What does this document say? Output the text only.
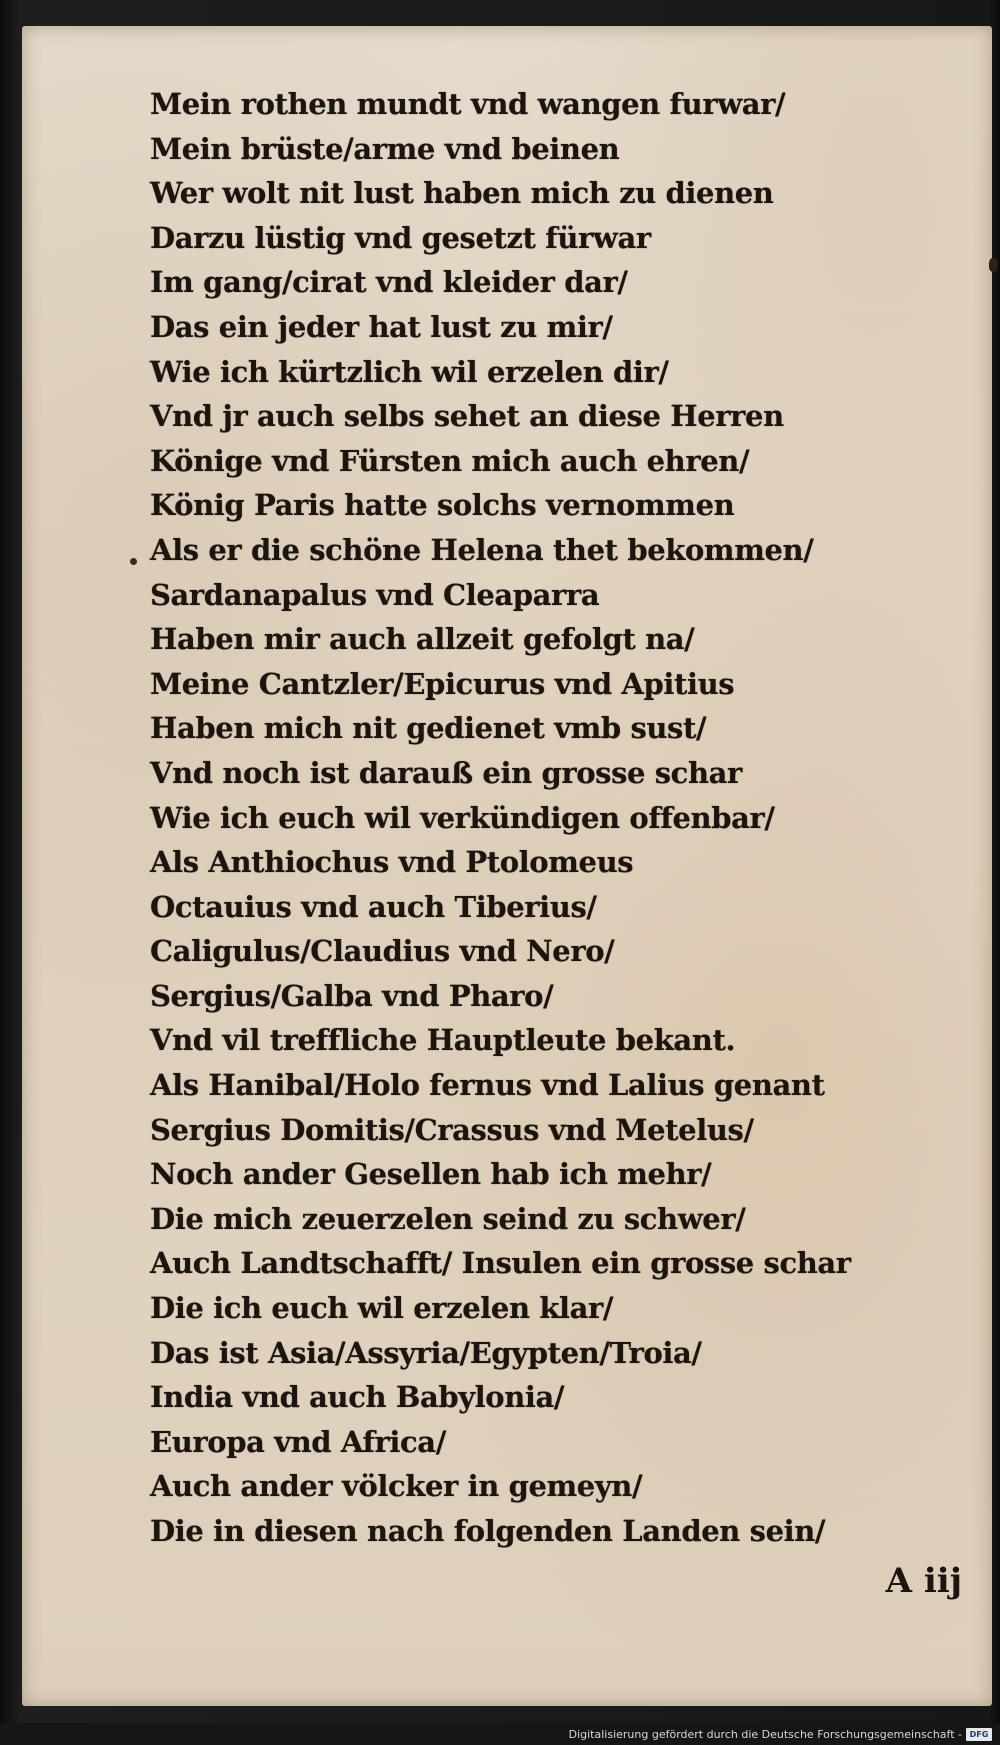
Mein rothen mundt vnd wangen furwar/
Mein brüste/arme vnd beinen
Wer wolt nit lust haben mich zu dienen
Darzu lüstig vnd gesetzt fürwar
Im gang/cirat vnd kleider dar/
Das ein jeder hat lust zu mir/
Wie ich kürtzlich wil erzelen dir/
Vnd jr auch selbs sehet an diese Herren
Könige vnd Fürsten mich auch ehren/
König Paris hatte solchs vernommen
Als er die schöne Helena thet bekommen/
Sardanapalus vnd Cleaparra
Haben mir auch allzeit gefolgt na/
Meine Cantzler/Epicurus vnd Apitius
Haben mich nit gedienet vmb sust/
Vnd noch ist darauß ein grosse schar
Wie ich euch wil verkündigen offenbar/
Als Anthiochus vnd Ptolomeus
Octauius vnd auch Tiberius/
Caligulus/Claudius vnd Nero/
Sergius/Galba vnd Pharo/
Vnd vil treffliche Hauptleute bekant.
Als Hanibal/Holo fernus vnd Lalius genant
Sergius Domitis/Crassus vnd Metelus/
Noch ander Gesellen hab ich mehr/
Die mich zeuerzelen seind zu schwer/
Auch Landtschafft/ Insulen ein grosse schar
Die ich euch wil erzelen klar/
Das ist Asia/Assyria/Egypten/Troia/
India vnd auch Babylonia/
Europa vnd Africa/
Auch ander völcker in gemeyn/
Die in diesen nach folgenden Landen sein/
A iij
Digitalisierung gefördert durch die Deutsche Forschungsgemeinschaft - DFG
